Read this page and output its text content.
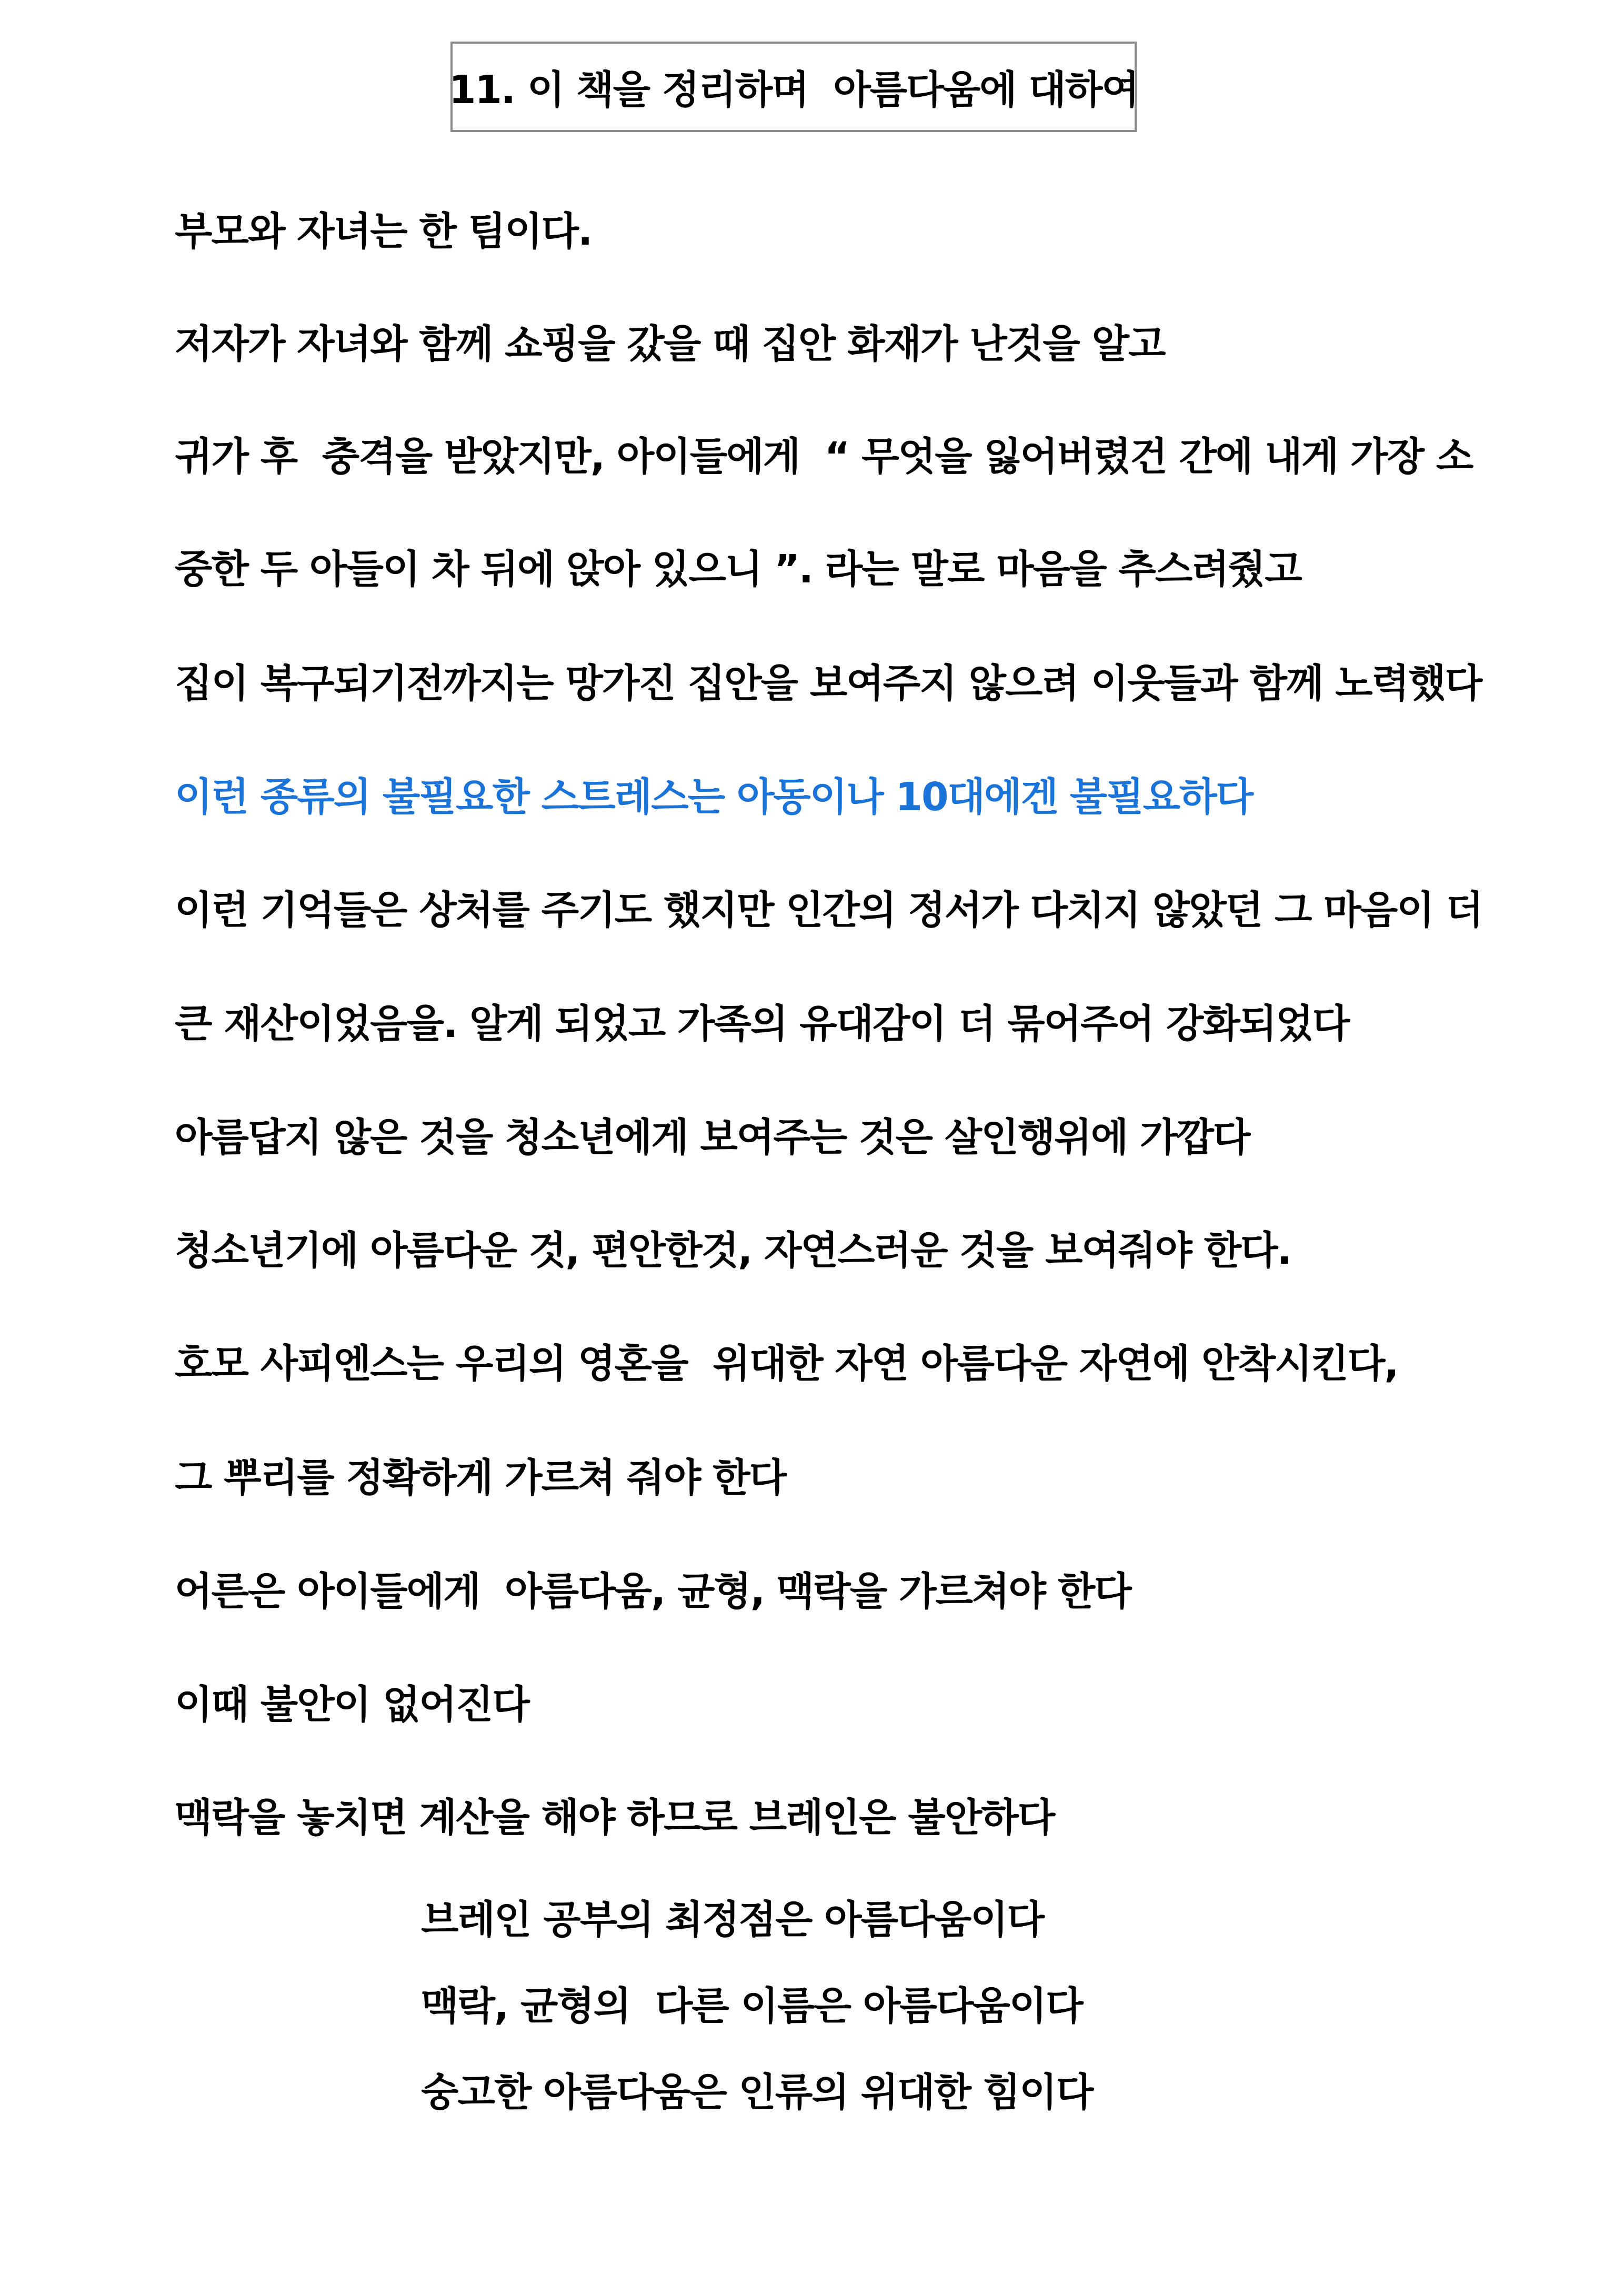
11. 이 책을 정리하며  아름다움에 대하여
부모와 자녀는 한 팀이다.
저자가 자녀와 함께 쇼핑을 갔을 때 집안 화재가 난것을 알고
귀가 후  충격을 받았지만, 아이들에게  “ 무엇을 잃어버렸건 간에 내게 가장 소
중한 두 아들이 차 뒤에 앉아 있으니 ”. 라는 말로 마음을 추스려줬고
집이 복구되기전까지는 망가진 집안을 보여주지 않으려 이웃들과 함께 노력했다
이런 종류의 불필요한 스트레스는 아동이나 10대에겐 불필요하다
이런 기억들은 상처를 주기도 했지만 인간의 정서가 다치지 않았던 그 마음이 더
큰 재산이었음을. 알게 되었고 가족의 유대감이 더 묶어주어 강화되었다
아름답지 않은 것을 청소년에게 보여주는 것은 살인행위에 가깝다
청소년기에 아름다운 것, 편안한것, 자연스러운 것을 보여줘야 한다.
호모 사피엔스는 우리의 영혼을  위대한 자연 아름다운 자연에 안착시킨다,
그 뿌리를 정확하게 가르쳐 줘야 한다
어른은 아이들에게  아름다움, 균형, 맥락을 가르쳐야 한다
이때 불안이 없어진다
맥락을 놓치면 계산을 해야 하므로 브레인은 불안하다
브레인 공부의 최정점은 아름다움이다
맥락, 균형의  다른 이름은 아름다움이다
숭고한 아름다움은 인류의 위대한 힘이다
